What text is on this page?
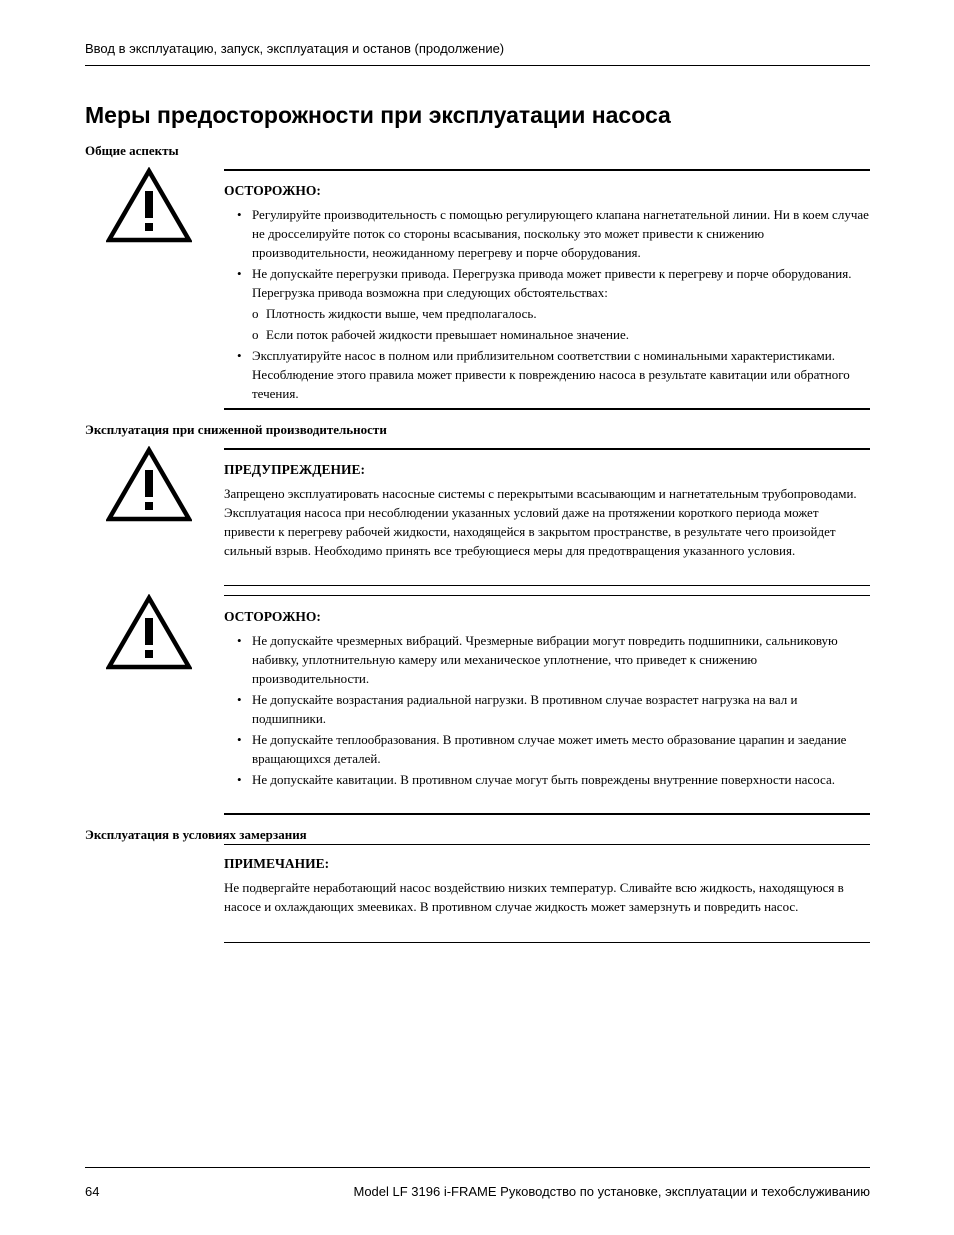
Ввод в эксплуатацию, запуск, эксплуатация и останов (продолжение)
Меры предосторожности при эксплуатации насоса
Общие аспекты
ОСТОРОЖНО:
• Регулируйте производительность с помощью регулирующего клапана нагнетательной линии. Ни в коем случае не дросселируйте поток со стороны всасывания, поскольку это может привести к снижению производительности, неожиданному перегреву и порче оборудования.
• Не допускайте перегрузки привода. Перегрузка привода может привести к перегреву и порче оборудования. Перегрузка привода возможна при следующих обстоятельствах:
o Плотность жидкости выше, чем предполагалось.
o Если поток рабочей жидкости превышает номинальное значение.
• Эксплуатируйте насос в полном или приблизительном соответствии с номинальными характеристиками. Несоблюдение этого правила может привести к повреждению насоса в результате кавитации или обратного течения.
Эксплуатация при сниженной производительности
ПРЕДУПРЕЖДЕНИЕ:

Запрещено эксплуатировать насосные системы с перекрытыми всасывающим и нагнетательным трубопроводами. Эксплуатация насоса при несоблюдении указанных условий даже на протяжении короткого периода может привести к перегреву рабочей жидкости, находящейся в закрытом пространстве, в результате чего произойдет сильный взрыв. Необходимо принять все требующиеся меры для предотвращения указанного условия.

ОСТОРОЖНО:
• Не допускайте чрезмерных вибраций. Чрезмерные вибрации могут повредить подшипники, сальниковую набивку, уплотнительную камеру или механическое уплотнение, что приведет к снижению производительности.
• Не допускайте возрастания радиальной нагрузки. В противном случае возрастет нагрузка на вал и подшипники.
• Не допускайте теплообразования. В противном случае может иметь место образование царапин и заедание вращающихся деталей.
• Не допускайте кавитации. В противном случае могут быть повреждены внутренние поверхности насоса.
Эксплуатация в условиях замерзания
ПРИМЕЧАНИЕ:

Не подвергайте неработающий насос воздействию низких температур. Сливайте всю жидкость, находящуюся в насосе и охлаждающих змеевиках. В противном случае жидкость может замерзнуть и повредить насос.

64	Model LF 3196 i-FRAME Руководство по установке, эксплуатации и техобслуживанию
